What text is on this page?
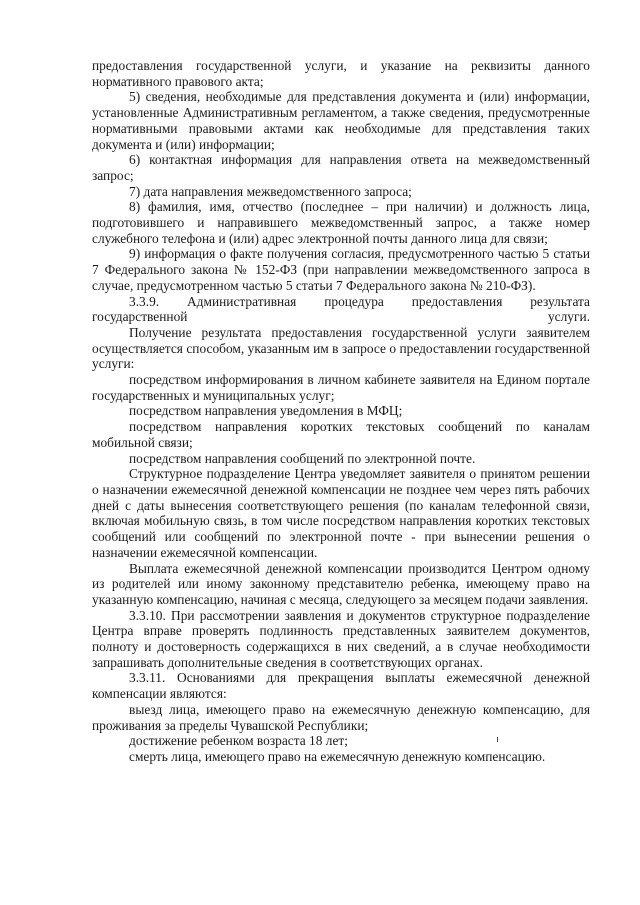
предоставления государственной услуги, и указание на реквизиты данного нормативного правового акта;

5) сведения, необходимые для представления документа и (или) информации, установленные Административным регламентом, а также сведения, предусмотренные нормативными правовыми актами как необходимые для представления таких документа и (или) информации;

6) контактная информация для направления ответа на межведомственный запрос;

7) дата направления межведомственного запроса;

8) фамилия, имя, отчество (последнее – при наличии) и должность лица, подготовившего и направившего межведомственный запрос, а также номер служебного телефона и (или) адрес электронной почты данного лица для связи;

9) информация о факте получения согласия, предусмотренного частью 5 статьи 7 Федерального закона № 152-ФЗ (при направлении межведомственного запроса в случае, предусмотренном частью 5 статьи 7 Федерального закона № 210-ФЗ).

3.3.9. Административная процедура предоставления результата государственной услуги.

Получение результата предоставления государственной услуги заявителем осуществляется способом, указанным им в запросе о предоставлении государственной услуги:

посредством информирования в личном кабинете заявителя на Едином портале государственных и муниципальных услуг;

посредством направления уведомления в МФЦ;

посредством направления коротких текстовых сообщений по каналам мобильной связи;

посредством направления сообщений по электронной почте.

Структурное подразделение Центра уведомляет заявителя о принятом решении о назначении ежемесячной денежной компенсации не позднее чем через пять рабочих дней с даты вынесения соответствующего решения (по каналам телефонной связи, включая мобильную связь, в том числе посредством направления коротких текстовых сообщений или сообщений по электронной почте - при вынесении решения о назначении ежемесячной компенсации.

Выплата ежемесячной денежной компенсации производится Центром одному из родителей или иному законному представителю ребенка, имеющему право на указанную компенсацию, начиная с месяца, следующего за месяцем подачи заявления.

3.3.10. При рассмотрении заявления и документов структурное подразделение Центра вправе проверять подлинность представленных заявителем документов, полноту и достоверность содержащихся в них сведений, а в случае необходимости запрашивать дополнительные сведения в соответствующих органах.

3.3.11. Основаниями для прекращения выплаты ежемесячной денежной компенсации являются:

выезд лица, имеющего право на ежемесячную денежную компенсацию, для проживания за пределы Чувашской Республики;

достижение ребенком возраста 18 лет;

смерть лица, имеющего право на ежемесячную денежную компенсацию.
